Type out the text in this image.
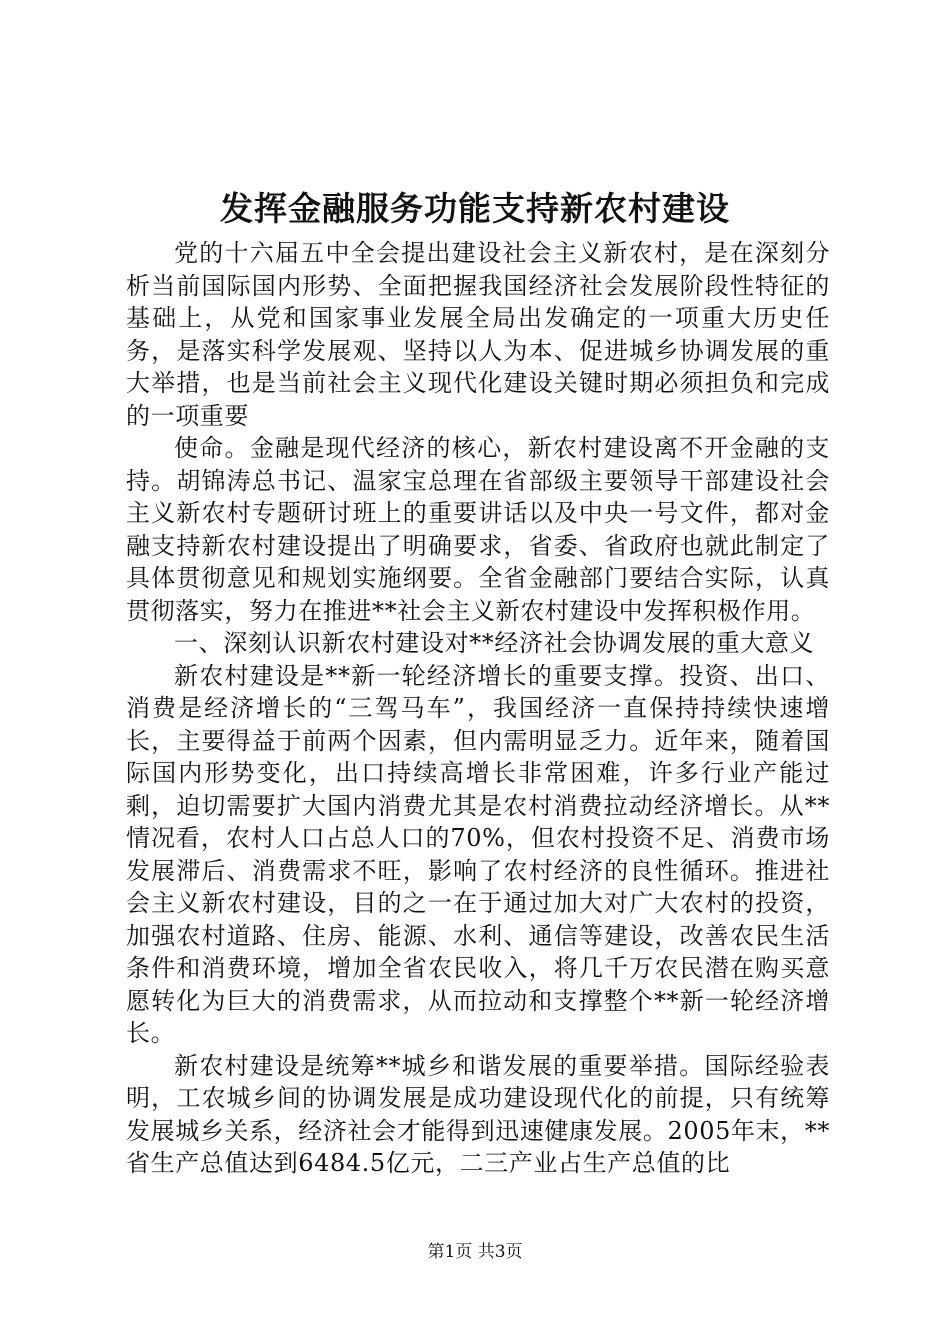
发挥金融服务功能支持新农村建设

党的十六届五中全会提出建设社会主义新农村，是在深刻分析当前国际国内形势、全面把握我国经济社会发展阶段性特征的基础上，从党和国家事业发展全局出发确定的一项重大历史任务，是落实科学发展观、坚持以人为本、促进城乡协调发展的重大举措，也是当前社会主义现代化建设关键时期必须担负和完成的一项重要

使命。金融是现代经济的核心，新农村建设离不开金融的支持。胡锦涛总书记、温家宝总理在省部级主要领导干部建设社会主义新农村专题研讨班上的重要讲话以及中央一号文件，都对金融支持新农村建设提出了明确要求，省委、省政府也就此制定了具体贯彻意见和规划实施纲要。全省金融部门要结合实际，认真贯彻落实，努力在推进**社会主义新农村建设中发挥积极作用。

一、深刻认识新农村建设对**经济社会协调发展的重大意义

新农村建设是**新一轮经济增长的重要支撑。投资、出口、消费是经济增长的“三驾马车”，我国经济一直保持持续快速增长，主要得益于前两个因素，但内需明显乏力。近年来，随着国际国内形势变化，出口持续高增长非常困难，许多行业产能过剩，迫切需要扩大国内消费尤其是农村消费拉动经济增长。从**情况看，农村人口占总人口的70%，但农村投资不足、消费市场发展滞后、消费需求不旺，影响了农村经济的良性循环。推进社会主义新农村建设，目的之一在于通过加大对广大农村的投资，加强农村道路、住房、能源、水利、通信等建设，改善农民生活条件和消费环境，增加全省农民收入，将几千万农民潜在购买意愿转化为巨大的消费需求，从而拉动和支撑整个**新一轮经济增长。

新农村建设是统筹**城乡和谐发展的重要举措。国际经验表明，工农城乡间的协调发展是成功建设现代化的前提，只有统筹发展城乡关系，经济社会才能得到迅速健康发展。2005年末，**省生产总值达到6484.5亿元，二三产业占生产总值的比

第1页 共3页
